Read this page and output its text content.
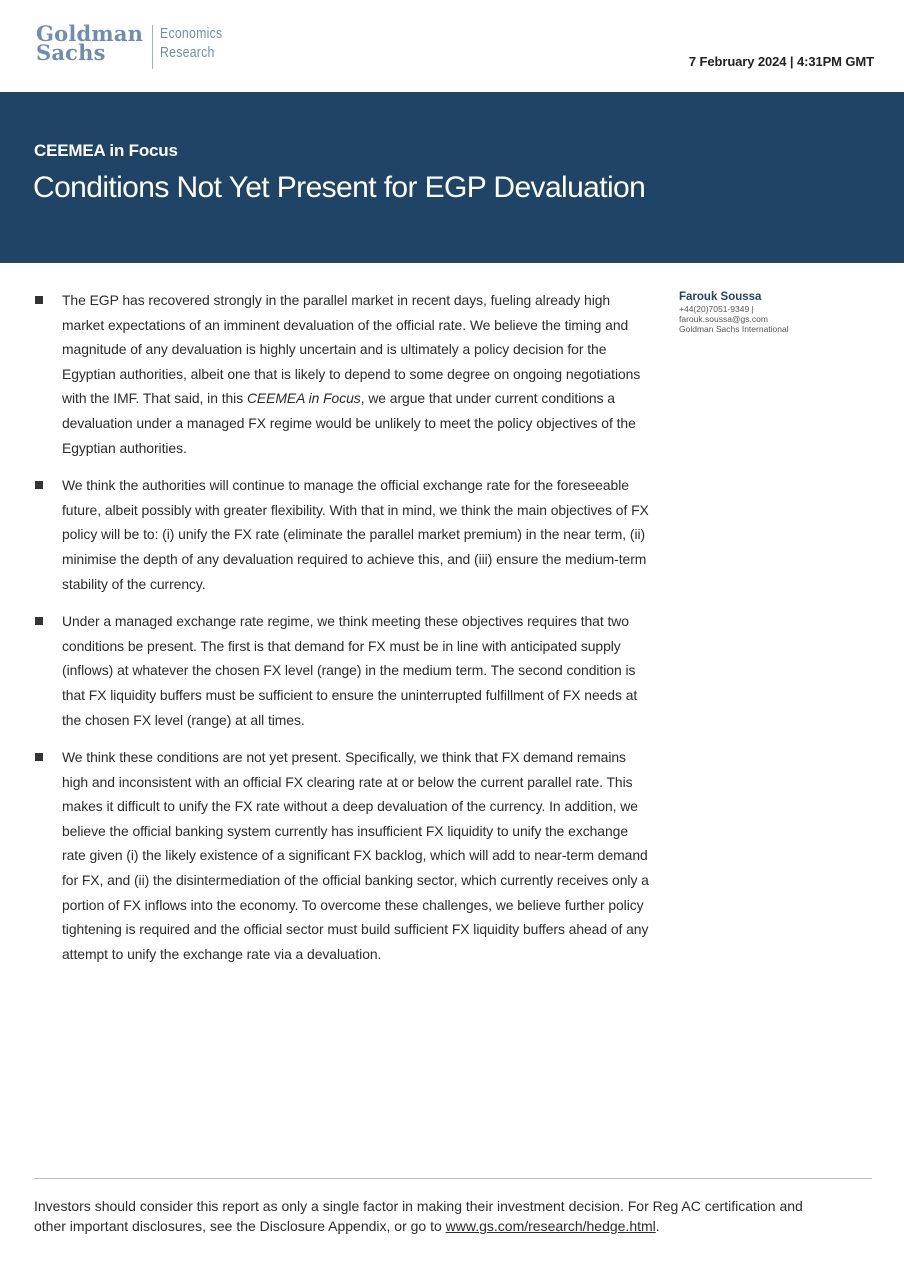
Goldman
Sachs
Economics
Research
7 February 2024 | 4:31PM GMT
CEEMEA in Focus
Conditions Not Yet Present for EGP Devaluation
The EGP has recovered strongly in the parallel market in recent days, fueling already high market expectations of an imminent devaluation of the official rate. We believe the timing and magnitude of any devaluation is highly uncertain and is ultimately a policy decision for the Egyptian authorities, albeit one that is likely to depend to some degree on ongoing negotiations with the IMF. That said, in this CEEMEA in Focus, we argue that under current conditions a devaluation under a managed FX regime would be unlikely to meet the policy objectives of the Egyptian authorities.
We think the authorities will continue to manage the official exchange rate for the foreseeable future, albeit possibly with greater flexibility. With that in mind, we think the main objectives of FX policy will be to: (i) unify the FX rate (eliminate the parallel market premium) in the near term, (ii) minimise the depth of any devaluation required to achieve this, and (iii) ensure the medium-term stability of the currency.
Under a managed exchange rate regime, we think meeting these objectives requires that two conditions be present. The first is that demand for FX must be in line with anticipated supply (inflows) at whatever the chosen FX level (range) in the medium term. The second condition is that FX liquidity buffers must be sufficient to ensure the uninterrupted fulfillment of FX needs at the chosen FX level (range) at all times.
We think these conditions are not yet present. Specifically, we think that FX demand remains high and inconsistent with an official FX clearing rate at or below the current parallel rate. This makes it difficult to unify the FX rate without a deep devaluation of the currency. In addition, we believe the official banking system currently has insufficient FX liquidity to unify the exchange rate given (i) the likely existence of a significant FX backlog, which will add to near-term demand for FX, and (ii) the disintermediation of the official banking sector, which currently receives only a portion of FX inflows into the economy. To overcome these challenges, we believe further policy tightening is required and the official sector must build sufficient FX liquidity buffers ahead of any attempt to unify the exchange rate via a devaluation.
Farouk Soussa
+44(20)7051-9349 |
farouk.soussa@gs.com
Goldman Sachs International
Investors should consider this report as only a single factor in making their investment decision. For Reg AC certification and other important disclosures, see the Disclosure Appendix, or go to www.gs.com/research/hedge.html.
